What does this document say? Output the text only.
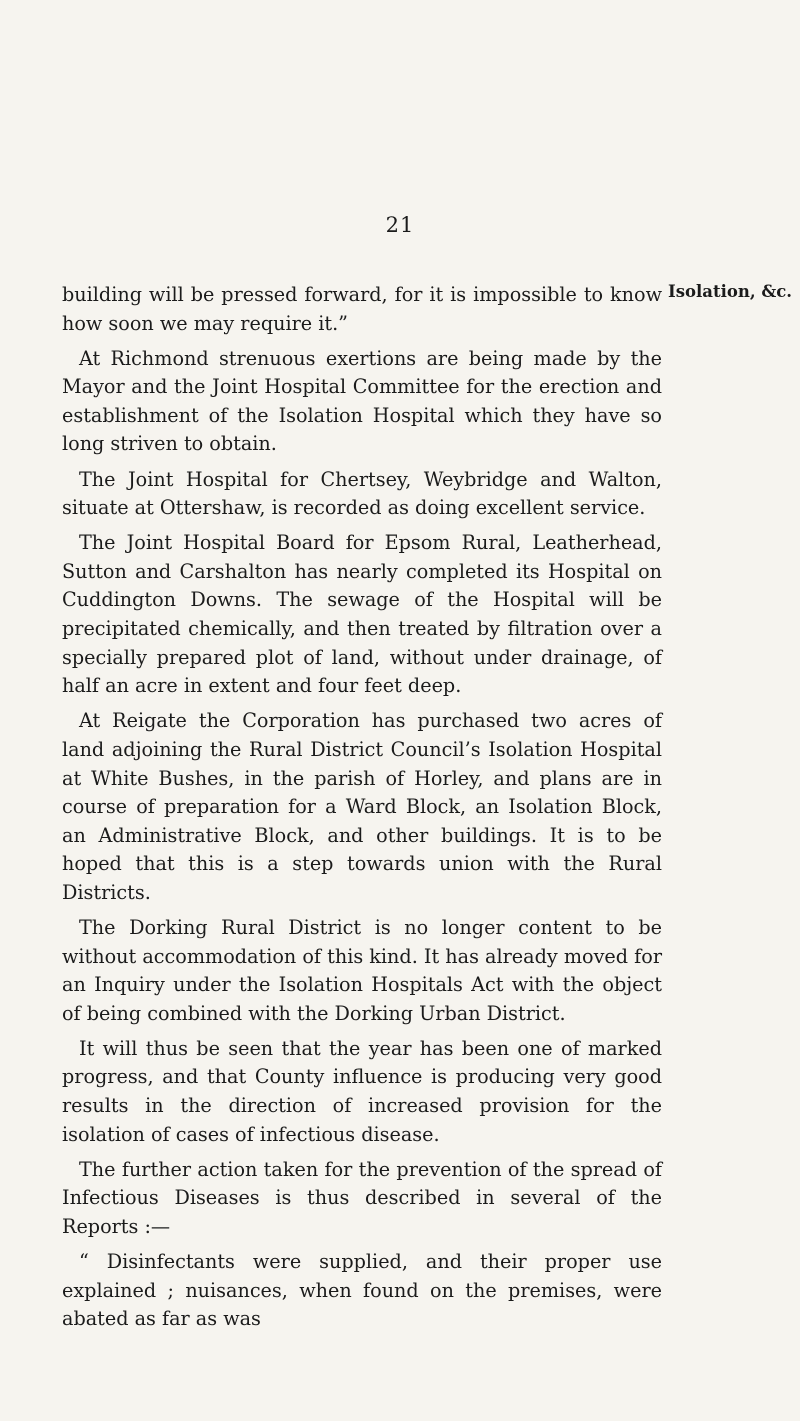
21
Isolation, &c.

building will be pressed forward, for it is impossible to know how soon we may require it.”

At Richmond strenuous exertions are being made by the Mayor and the Joint Hospital Committee for the erection and establishment of the Isolation Hospital which they have so long striven to obtain.

The Joint Hospital for Chertsey, Weybridge and Walton, situate at Ottershaw, is recorded as doing excellent service.

The Joint Hospital Board for Epsom Rural, Leatherhead, Sutton and Carshalton has nearly completed its Hospital on Cuddington Downs. The sewage of the Hospital will be precipitated chemically, and then treated by filtration over a specially prepared plot of land, without under drainage, of half an acre in extent and four feet deep.

At Reigate the Corporation has purchased two acres of land adjoining the Rural District Council’s Isolation Hospital at White Bushes, in the parish of Horley, and plans are in course of preparation for a Ward Block, an Isolation Block, an Administrative Block, and other buildings. It is to be hoped that this is a step towards union with the Rural Districts.

The Dorking Rural District is no longer content to be without accommodation of this kind. It has already moved for an Inquiry under the Isolation Hospitals Act with the object of being combined with the Dorking Urban District.

It will thus be seen that the year has been one of marked progress, and that County influence is producing very good results in the direction of increased provision for the isolation of cases of infectious disease.

The further action taken for the prevention of the spread of Infectious Diseases is thus described in several of the Reports :—

“ Disinfectants were supplied, and their proper use explained ; nuisances, when found on the premises, were abated as far as was
